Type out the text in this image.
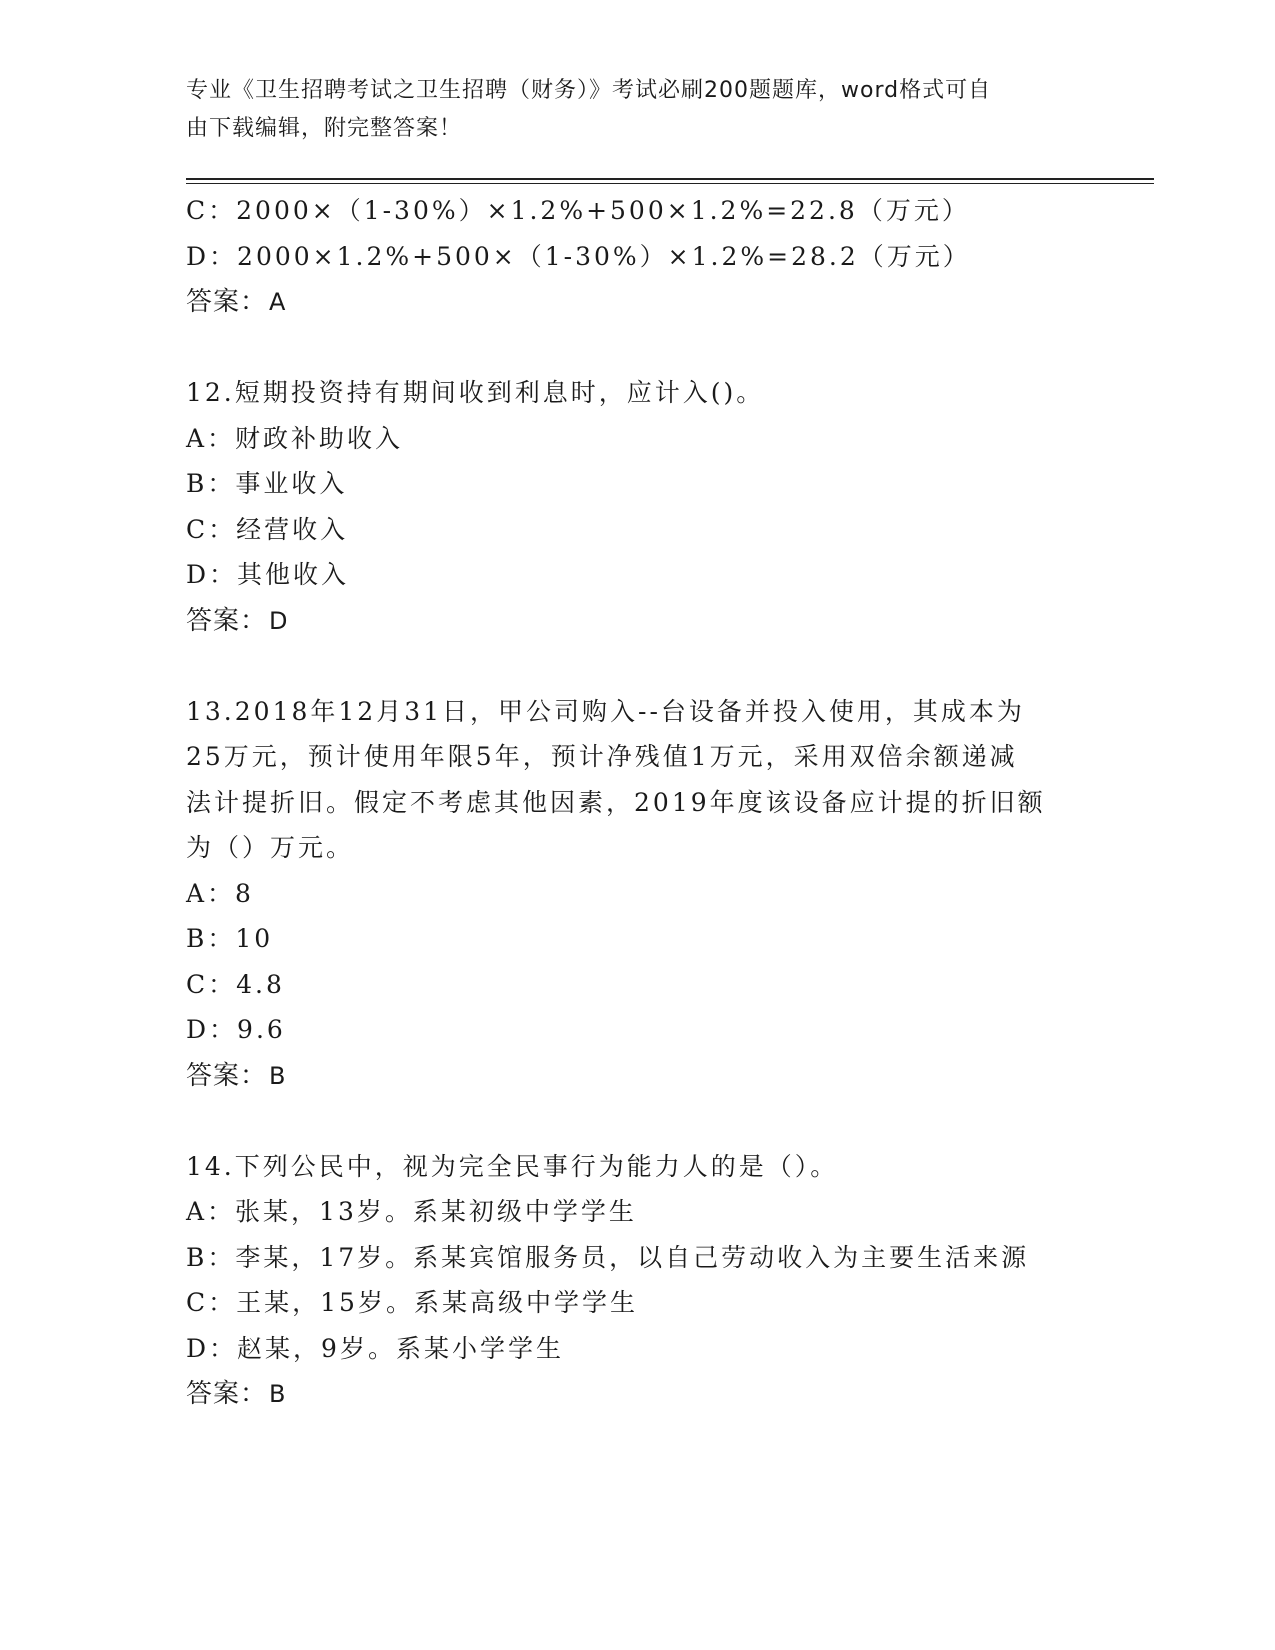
专业《卫生招聘考试之卫生招聘（财务）》考试必刷200题题库，word格式可自
由下载编辑，附完整答案！
C：2000×（1-30%）×1.2%+500×1.2%=22.8（万元）
D：2000×1.2%+500×（1-30%）×1.2%=28.2（万元）
答案：A
12.短期投资持有期间收到利息时，应计入()。
A：财政补助收入
B：事业收入
C：经营收入
D：其他收入
答案：D
13.2018年12月31日，甲公司购入--台设备并投入使用，其成本为
25万元，预计使用年限5年，预计净残值1万元，采用双倍余额递减
法计提折旧。假定不考虑其他因素，2019年度该设备应计提的折旧额
为（）万元。
A：8
B：10
C：4.8
D：9.6
答案：B
14.下列公民中，视为完全民事行为能力人的是（）。
A：张某，13岁。系某初级中学学生
B：李某，17岁。系某宾馆服务员，以自己劳动收入为主要生活来源
C：王某，15岁。系某高级中学学生
D：赵某，9岁。系某小学学生
答案：B
